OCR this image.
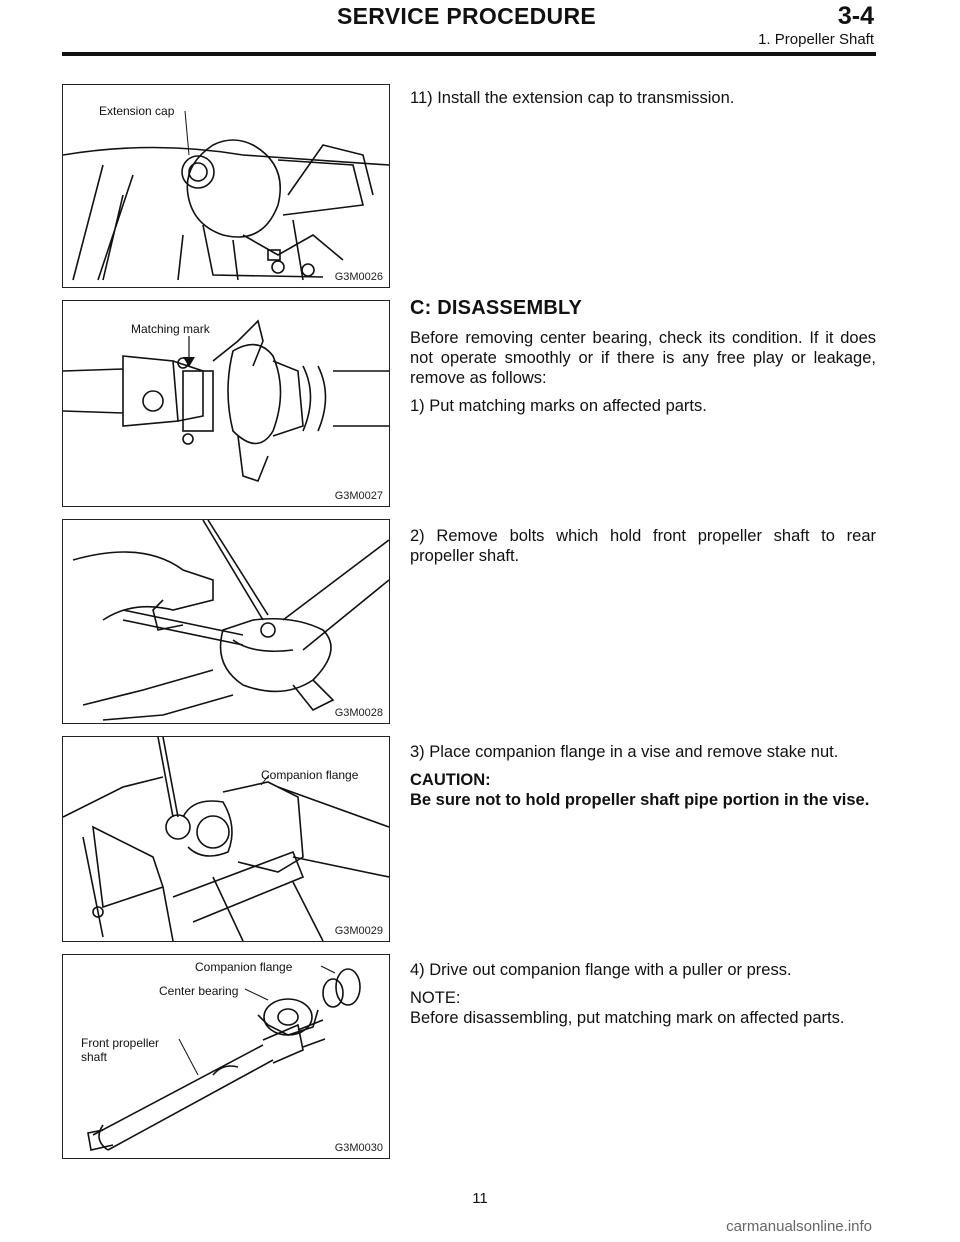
SERVICE PROCEDURE	3-4
1. Propeller Shaft
Extension cap
G3M0026
Matching mark
G3M0027
G3M0028
Companion flange
G3M0029
Companion flange
Center bearing
Front propeller
shaft
G3M0030

11) Install the extension cap to transmission.

C: DISASSEMBLY

Before removing center bearing, check its condition. If it does not operate smoothly or if there is any free play or leakage, remove as follows:

1) Put matching marks on affected parts.

2) Remove bolts which hold front propeller shaft to rear propeller shaft.

3) Place companion flange in a vise and remove stake nut.

CAUTION:

Be sure not to hold propeller shaft pipe portion in the vise.

4) Drive out companion flange with a puller or press.

NOTE:

Before disassembling, put matching mark on affected parts.

11
carmanualsonline.info
